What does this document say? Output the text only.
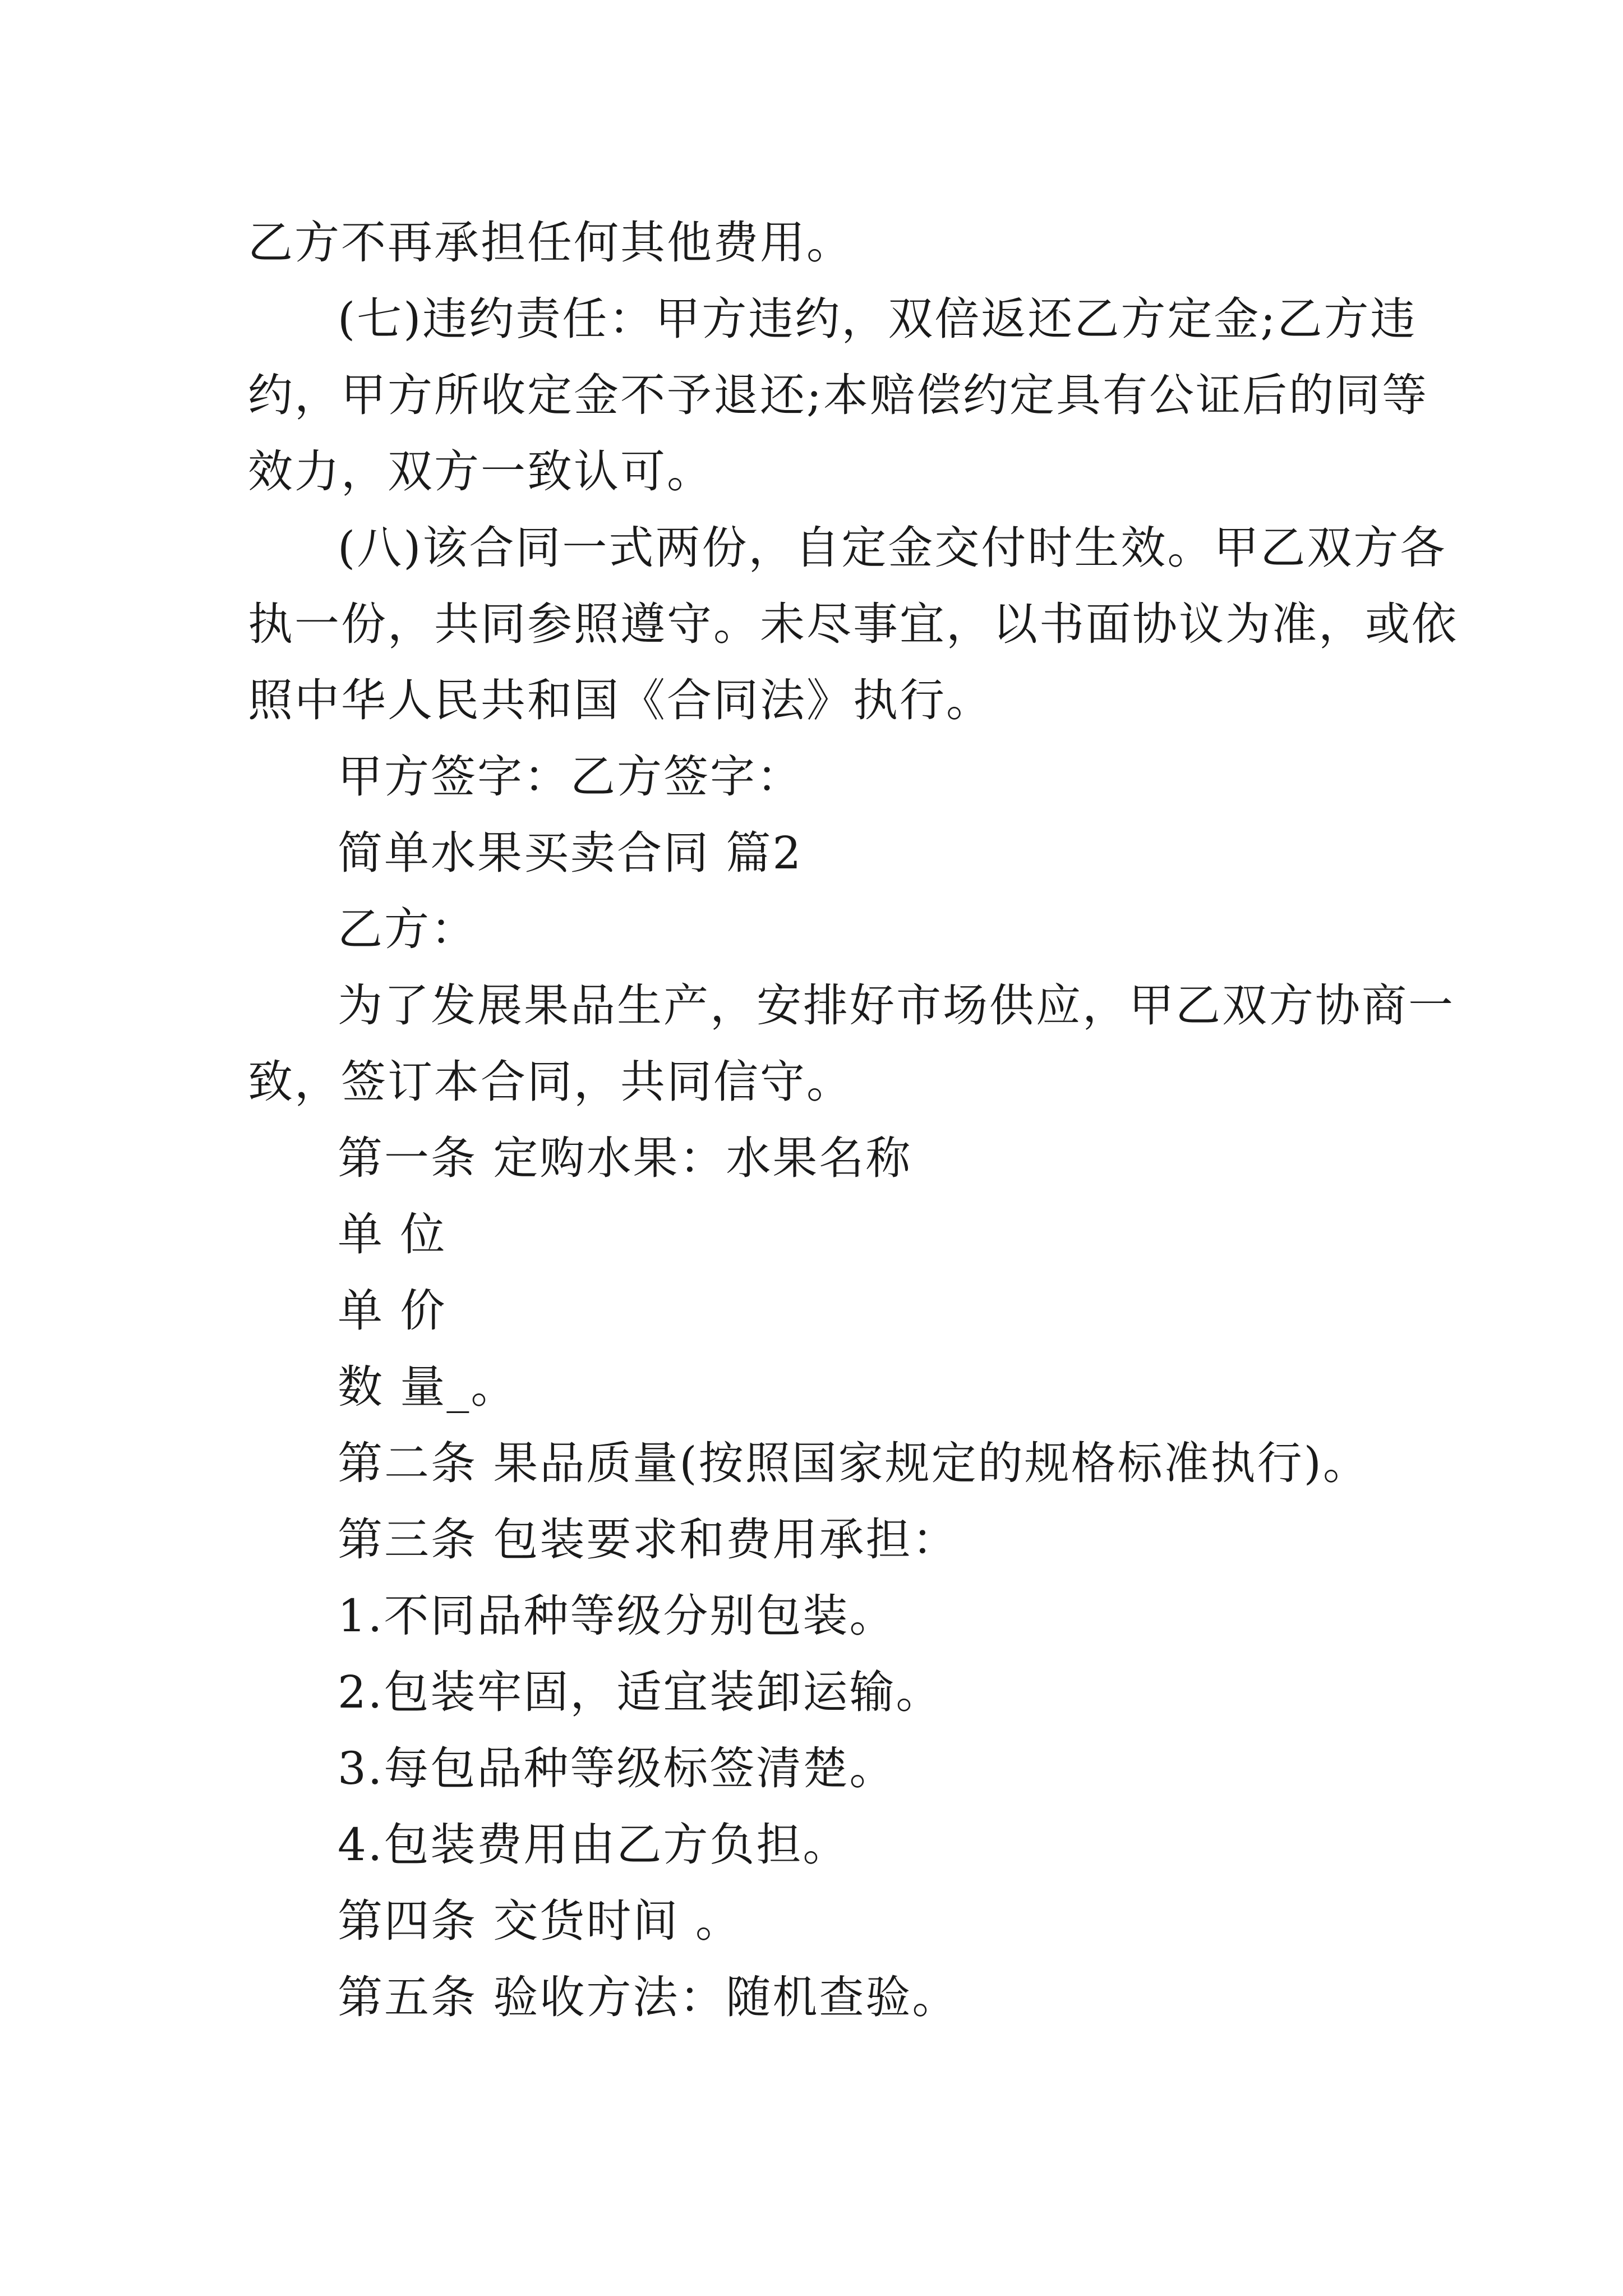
乙方不再承担任何其他费用。
(七)违约责任：甲方违约，双倍返还乙方定金;乙方违
约，甲方所收定金不予退还;本赔偿约定具有公证后的同等
效力，双方一致认可。
(八)该合同一式两份，自定金交付时生效。甲乙双方各
执一份，共同参照遵守。未尽事宜，以书面协议为准，或依
照中华人民共和国《合同法》执行。
甲方签字：乙方签字：
简单水果买卖合同 篇2
乙方：
为了发展果品生产，安排好市场供应，甲乙双方协商一
致，签订本合同，共同信守。
第一条 定购水果：水果名称
单 位
单 价
数 量_。
第二条 果品质量(按照国家规定的规格标准执行)。
第三条 包装要求和费用承担：
1.不同品种等级分别包装。
2.包装牢固，适宜装卸运输。
3.每包品种等级标签清楚。
4.包装费用由乙方负担。
第四条 交货时间 。
第五条 验收方法：随机查验。
